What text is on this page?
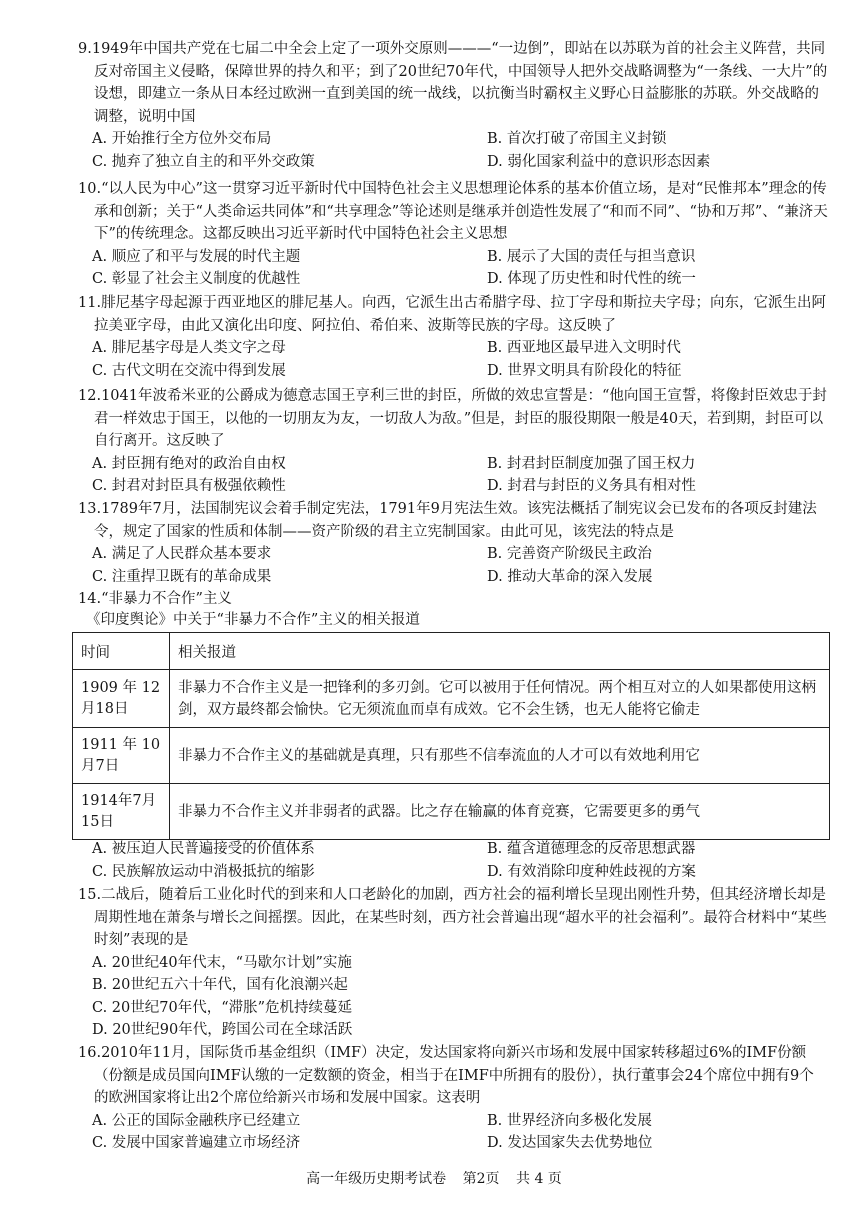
9.1949年中国共产党在七届二中全会上定了一项外交原则———“一边倒”，即站在以苏联为首的社会主义阵营，共同反对帝国主义侵略，保障世界的持久和平；到了20世纪70年代，中国领导人把外交战略调整为“一条线、一大片”的设想，即建立一条从日本经过欧洲一直到美国的统一战线，以抗衡当时霸权主义野心日益膨胀的苏联。外交战略的调整，说明中国

A. 开始推行全方位外交布局	B. 首次打破了帝国主义封锁
C. 抛弃了独立自主的和平外交政策	D. 弱化国家利益中的意识形态因素

10.“以人民为中心”这一贯穿习近平新时代中国特色社会主义思想理论体系的基本价值立场，是对“民惟邦本”理念的传承和创新；关于“人类命运共同体”和“共享理念”等论述则是继承并创造性发展了“和而不同”、“协和万邦”、“兼济天下”的传统理念。这都反映出习近平新时代中国特色社会主义思想

A. 顺应了和平与发展的时代主题	B. 展示了大国的责任与担当意识
C. 彰显了社会主义制度的优越性	D. 体现了历史性和时代性的统一

11.腓尼基字母起源于西亚地区的腓尼基人。向西，它派生出古希腊字母、拉丁字母和斯拉夫字母；向东，它派生出阿拉美亚字母，由此又演化出印度、阿拉伯、希伯来、波斯等民族的字母。这反映了

A. 腓尼基字母是人类文字之母	B. 西亚地区最早进入文明时代
C. 古代文明在交流中得到发展	D. 世界文明具有阶段化的特征

12.1041年波希米亚的公爵成为德意志国王亨利三世的封臣，所做的效忠宣誓是：“他向国王宣誓，将像封臣效忠于封君一样效忠于国王，以他的一切朋友为友，一切敌人为敌。”但是，封臣的服役期限一般是40天，若到期，封臣可以自行离开。这反映了

A. 封臣拥有绝对的政治自由权	B. 封君封臣制度加强了国王权力
C. 封君对封臣具有极强依赖性	D. 封君与封臣的义务具有相对性

13.1789年7月，法国制宪议会着手制定宪法，1791年9月宪法生效。该宪法概括了制宪议会已发布的各项反封建法令，规定了国家的性质和体制——资产阶级的君主立宪制国家。由此可见，该宪法的特点是

A. 满足了人民群众基本要求	B. 完善资产阶级民主政治
C. 注重捍卫既有的革命成果	D. 推动大革命的深入发展

14.“非暴力不合作”主义

《印度舆论》中关于“非暴力不合作”主义的相关报道

时间	相关报道
1909 年 12 月18日	非暴力不合作主义是一把锋利的多刃剑。它可以被用于任何情况。两个相互对立的人如果都使用这柄剑，双方最终都会愉快。它无须流血而卓有成效。它不会生锈，也无人能将它偷走
1911 年 10 月7日	非暴力不合作主义的基础就是真理，只有那些不信奉流血的人才可以有效地利用它
1914年7月 15日	非暴力不合作主义并非弱者的武器。比之存在输赢的体育竞赛，它需要更多的勇气
A. 被压迫人民普遍接受的价值体系	B. 蕴含道德理念的反帝思想武器
C. 民族解放运动中消极抵抗的缩影	D. 有效消除印度种姓歧视的方案

15.二战后，随着后工业化时代的到来和人口老龄化的加剧，西方社会的福利增长呈现出刚性升势，但其经济增长却是周期性地在萧条与增长之间摇摆。因此，在某些时刻，西方社会普遍出现“超水平的社会福利”。最符合材料中“某些时刻”表现的是

A. 20世纪40年代末，“马歇尔计划”实施
B. 20世纪五六十年代，国有化浪潮兴起
C. 20世纪70年代，“滞胀”危机持续蔓延
D. 20世纪90年代，跨国公司在全球活跃

16.2010年11月，国际货币基金组织（IMF）决定，发达国家将向新兴市场和发展中国家转移超过6%的IMF份额（份额是成员国向IMF认缴的一定数额的资金，相当于在IMF中所拥有的股份），执行董事会24个席位中拥有9个的欧洲国家将让出2个席位给新兴市场和发展中国家。这表明

A. 公正的国际金融秩序已经建立	B. 世界经济向多极化发展
C. 发展中国家普遍建立市场经济	D. 发达国家失去优势地位
高一年级历史期考试卷 第2页 共 4 页
